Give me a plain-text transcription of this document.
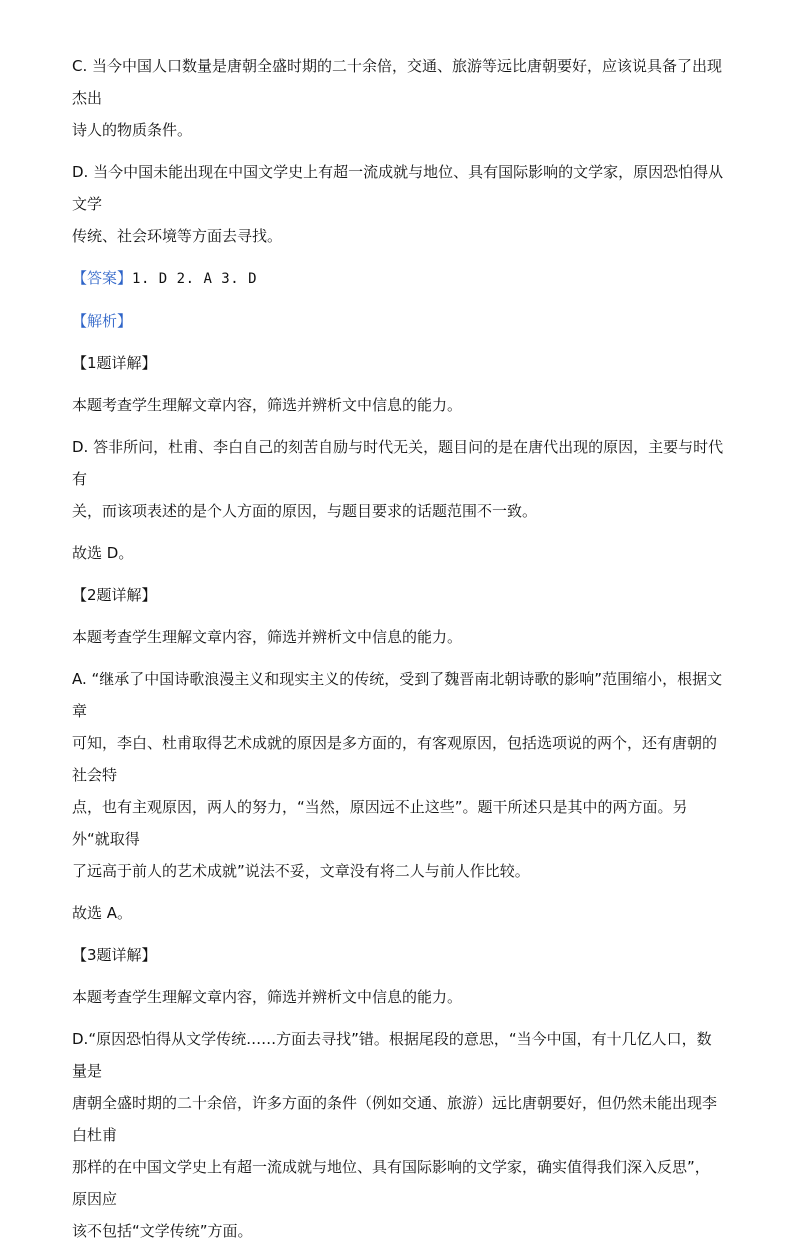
C. 当今中国人口数量是唐朝全盛时期的二十余倍，交通、旅游等远比唐朝要好，应该说具备了出现杰出
诗人的物质条件。
D. 当今中国未能出现在中国文学史上有超一流成就与地位、具有国际影响的文学家，原因恐怕得从文学
传统、社会环境等方面去寻找。
【答案】1. D 2. A 3. D
【解析】
【1题详解】
本题考查学生理解文章内容，筛选并辨析文中信息的能力。
D. 答非所问，杜甫、李白自己的刻苦自励与时代无关，题目问的是在唐代出现的原因，主要与时代有
关，而该项表述的是个人方面的原因，与题目要求的话题范围不一致。
故选 D。
【2题详解】
本题考查学生理解文章内容，筛选并辨析文中信息的能力。
A. “继承了中国诗歌浪漫主义和现实主义的传统，受到了魏晋南北朝诗歌的影响”范围缩小，根据文章
可知，李白、杜甫取得艺术成就的原因是多方面的，有客观原因，包括选项说的两个，还有唐朝的社会特
点，也有主观原因，两人的努力，“当然，原因远不止这些”。题干所述只是其中的两方面。另外“就取得
了远高于前人的艺术成就”说法不妥，文章没有将二人与前人作比较。
故选 A。
【3题详解】
本题考查学生理解文章内容，筛选并辨析文中信息的能力。
D.“原因恐怕得从文学传统……方面去寻找”错。根据尾段的意思，“当今中国，有十几亿人口，数量是
唐朝全盛时期的二十余倍，许多方面的条件（例如交通、旅游）远比唐朝要好，但仍然未能出现李白杜甫
那样的在中国文学史上有超一流成就与地位、具有国际影响的文学家，确实值得我们深入反思”，原因应
该不包括“文学传统”方面。
